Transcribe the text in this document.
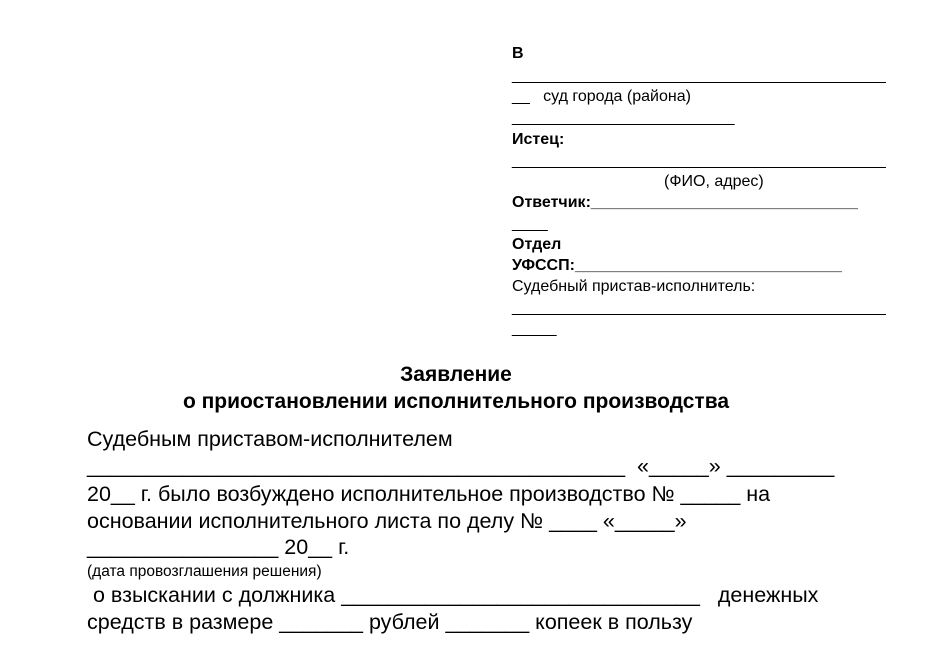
В
__________________________________________
__   суд города (района)
_________________________
Истец:
__________________________________________
(ФИО, адрес)
Ответчик:______________________________
____
Отдел
УФССП:______________________________
Судебный пристав-исполнитель:
__________________________________________
_____
Заявление
о приостановлении исполнительного производства
Судебным приставом-исполнителем
_____________________________________________  «_____» _________
20__ г. было возбуждено исполнительное производство № _____ на
основании исполнительного листа по делу № ____ «_____»
________________ 20__ г.
(дата провозглашения решения)
о взыскании с должника ______________________________   денежных
средств в размере _______ рублей _______ копеек в пользу
